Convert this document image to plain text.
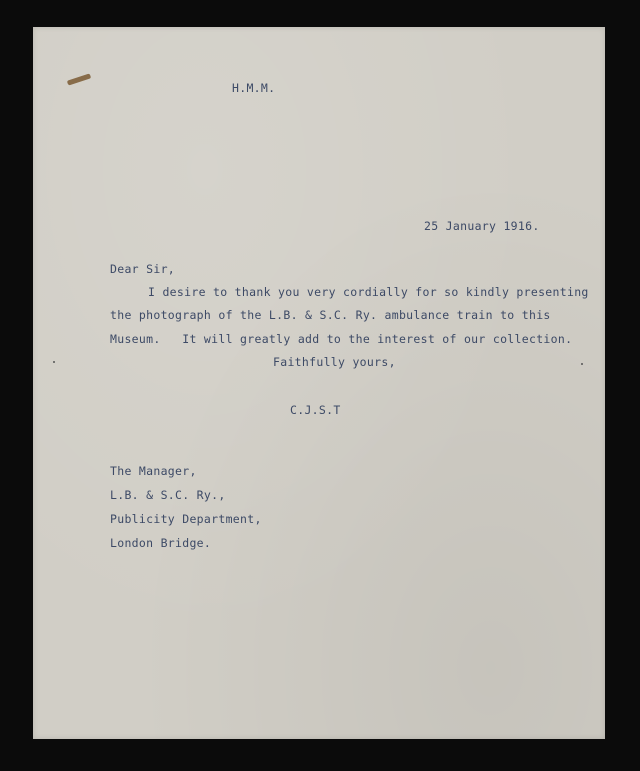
H.M.M.

25 January 1916.

Dear Sir,

I desire to thank you very cordially for so kindly presenting

the photograph of the L.B. & S.C. Ry. ambulance train to this

Museum.   It will greatly add to the interest of our collection.

Faithfully yours,

C.J.S.T

The Manager,

L.B. & S.C. Ry.,

Publicity Department,

London Bridge.
